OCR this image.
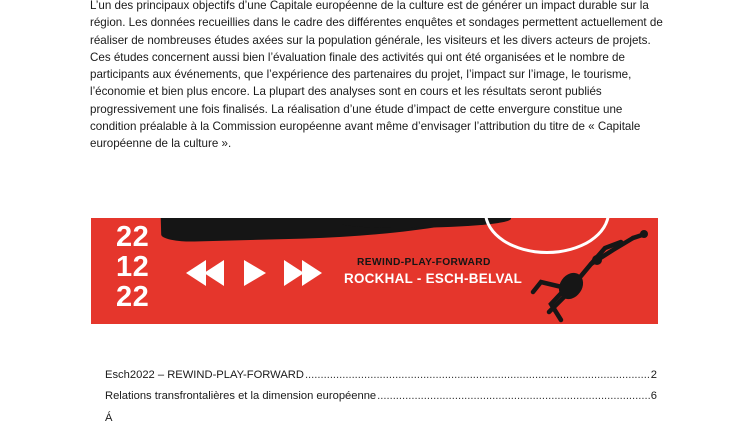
L’un des principaux objectifs d’une Capitale européenne de la culture est de générer un impact durable sur la région. Les données recueillies dans le cadre des différentes enquêtes et sondages permettent actuellement de réaliser de nombreuses études axées sur la population générale, les visiteurs et les divers acteurs de projets. Ces études concernent aussi bien l’évaluation finale des activités qui ont été organisées et le nombre de participants aux événements, que l’expérience des partenaires du projet, l’impact sur l’image, le tourisme, l’économie et bien plus encore. La plupart des analyses sont en cours et les résultats seront publiés progressivement une fois finalisés. La réalisation d’une étude d’impact de cette envergure constitue une condition préalable à la Commission européenne avant même d’envisager l’attribution du titre de « Capitale européenne de la culture ».

22
12
22
REWIND-PLAY-FORWARD
ROCKHAL - ESCH-BELVAL
Esch2022 – REWIND-PLAY-FORWARD .....	2
Relations transfrontalières et la dimension européenne .....	6
Á
